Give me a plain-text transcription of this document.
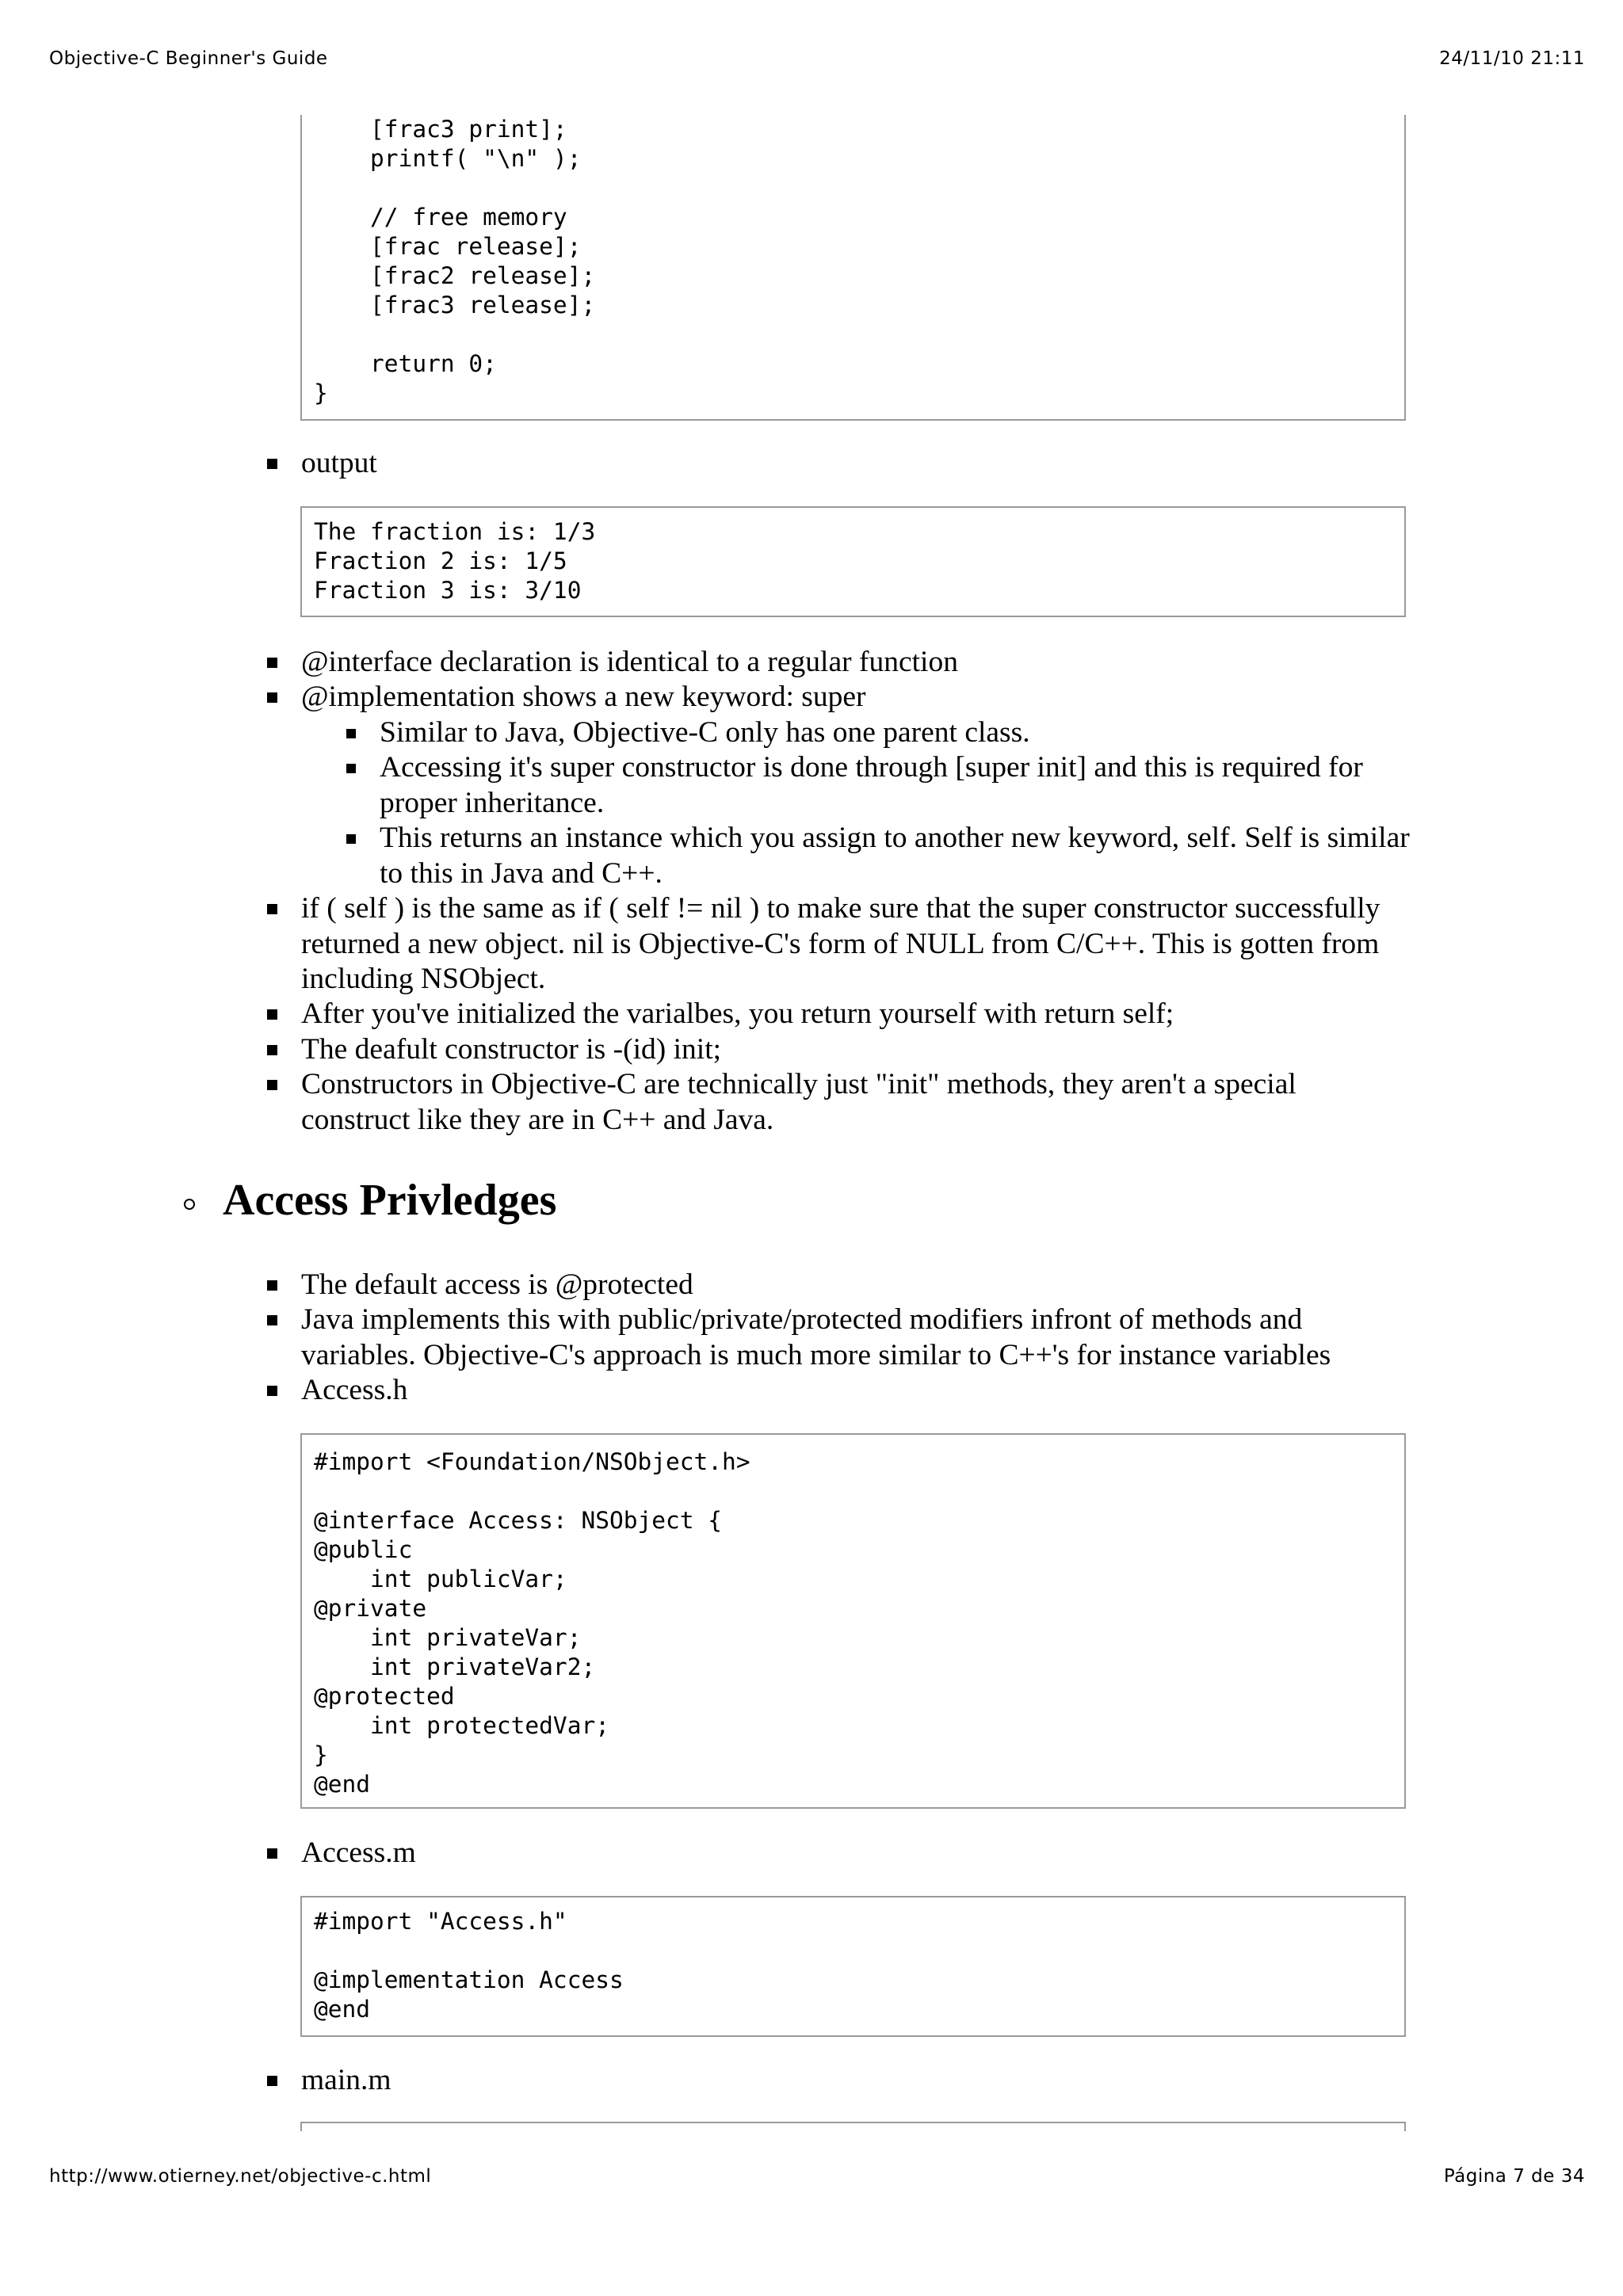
Objective-C Beginner's Guide	24/11/10 21:11
[frac3 print];
printf( "\n" );

// free memory
[frac release];
[frac2 release];
[frac3 release];

return 0;
}
output
The fraction is: 1/3
Fraction 2 is: 1/5
Fraction 3 is: 3/10
@interface declaration is identical to a regular function
@implementation shows a new keyword: super
Similar to Java, Objective-C only has one parent class.
Accessing it's super constructor is done through [super init] and this is required for proper inheritance.
This returns an instance which you assign to another new keyword, self. Self is similar to this in Java and C++.
if ( self ) is the same as if ( self != nil ) to make sure that the super constructor successfully returned a new object. nil is Objective-C's form of NULL from C/C++. This is gotten from including NSObject.
After you've initialized the varialbes, you return yourself with return self;
The deafult constructor is -(id) init;
Constructors in Objective-C are technically just "init" methods, they aren't a special construct like they are in C++ and Java.
Access Privledges
The default access is @protected
Java implements this with public/private/protected modifiers infront of methods and variables. Objective-C's approach is much more similar to C++'s for instance variables
Access.h
#import <Foundation/NSObject.h>

@interface Access: NSObject {
@public
int publicVar;
@private
int privateVar;
int privateVar2;
@protected
int protectedVar;
}
@end
Access.m
#import "Access.h"

@implementation Access
@end
main.m
http://www.otierney.net/objective-c.html	Página 7 de 34
